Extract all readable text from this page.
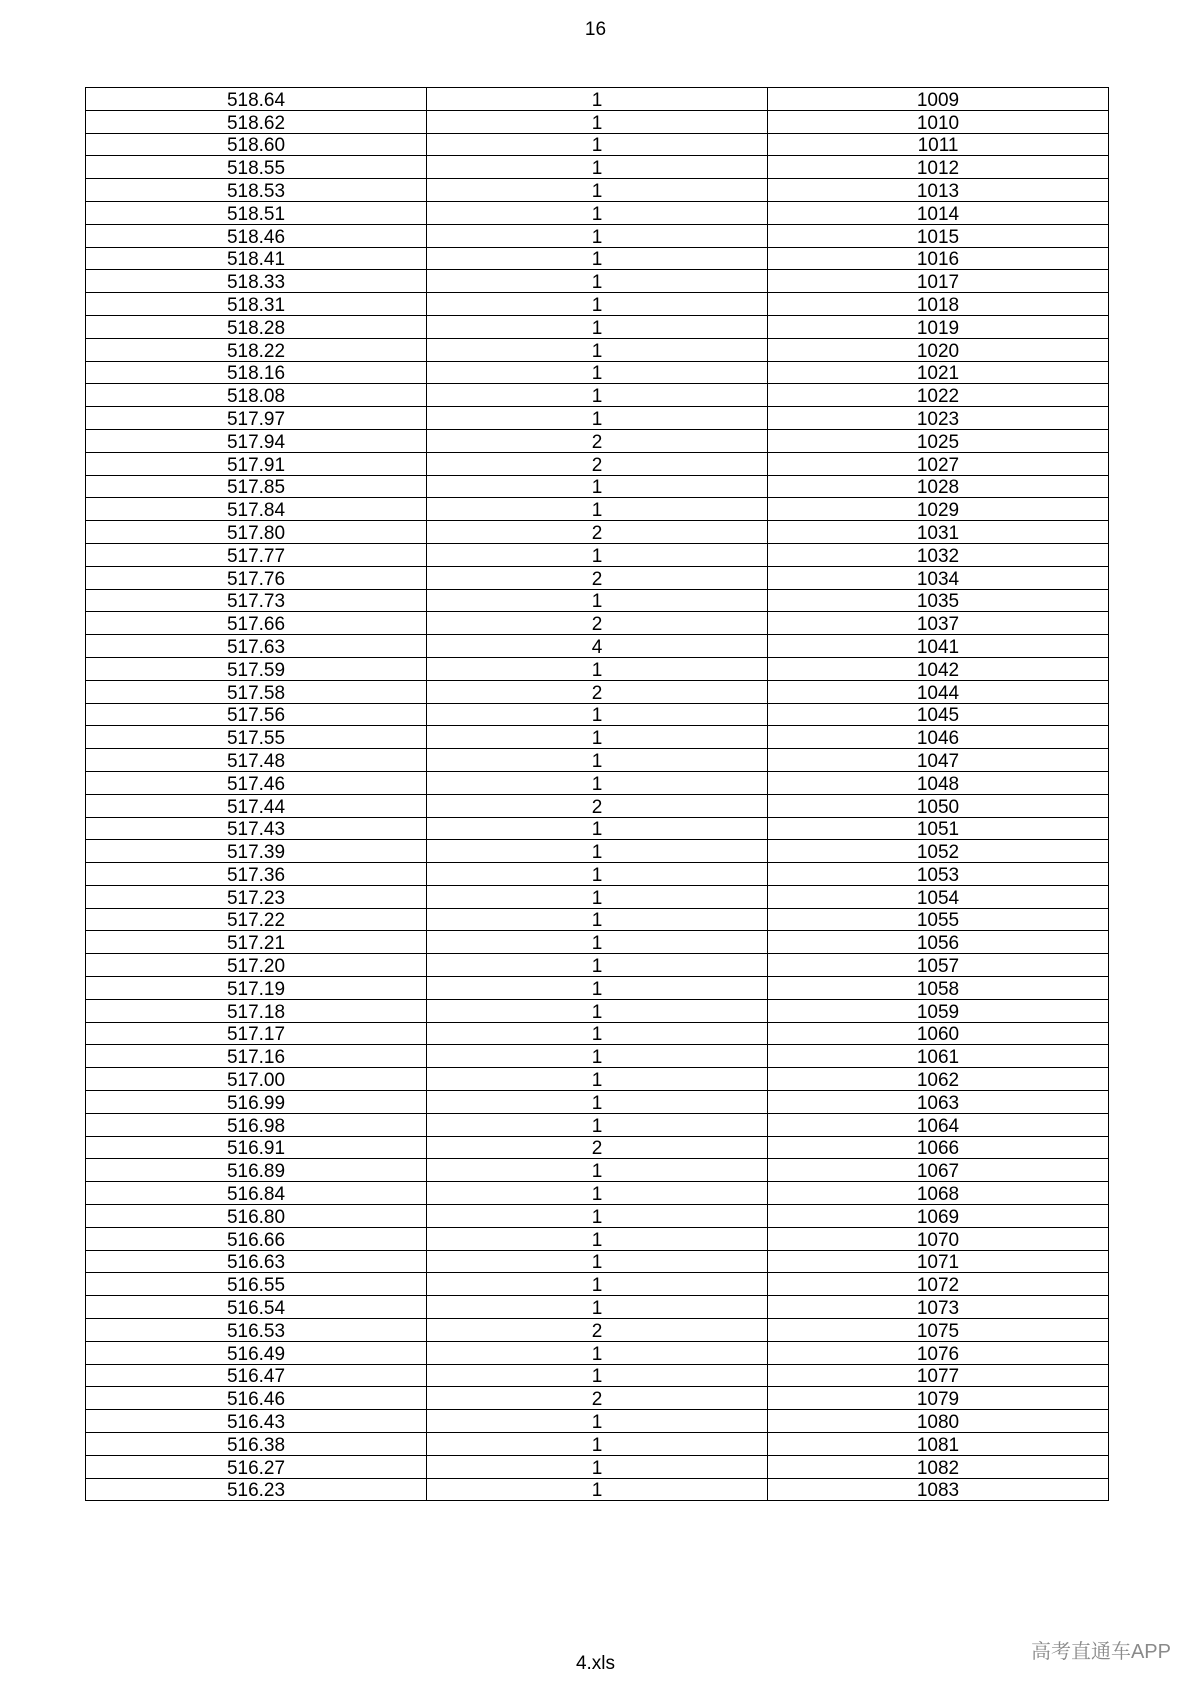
16
518.64	1	1009
518.62	1	1010
518.60	1	1011
518.55	1	1012
518.53	1	1013
518.51	1	1014
518.46	1	1015
518.41	1	1016
518.33	1	1017
518.31	1	1018
518.28	1	1019
518.22	1	1020
518.16	1	1021
518.08	1	1022
517.97	1	1023
517.94	2	1025
517.91	2	1027
517.85	1	1028
517.84	1	1029
517.80	2	1031
517.77	1	1032
517.76	2	1034
517.73	1	1035
517.66	2	1037
517.63	4	1041
517.59	1	1042
517.58	2	1044
517.56	1	1045
517.55	1	1046
517.48	1	1047
517.46	1	1048
517.44	2	1050
517.43	1	1051
517.39	1	1052
517.36	1	1053
517.23	1	1054
517.22	1	1055
517.21	1	1056
517.20	1	1057
517.19	1	1058
517.18	1	1059
517.17	1	1060
517.16	1	1061
517.00	1	1062
516.99	1	1063
516.98	1	1064
516.91	2	1066
516.89	1	1067
516.84	1	1068
516.80	1	1069
516.66	1	1070
516.63	1	1071
516.55	1	1072
516.54	1	1073
516.53	2	1075
516.49	1	1076
516.47	1	1077
516.46	2	1079
516.43	1	1080
516.38	1	1081
516.27	1	1082
516.23	1	1083
4.xls
高考直通车APP
